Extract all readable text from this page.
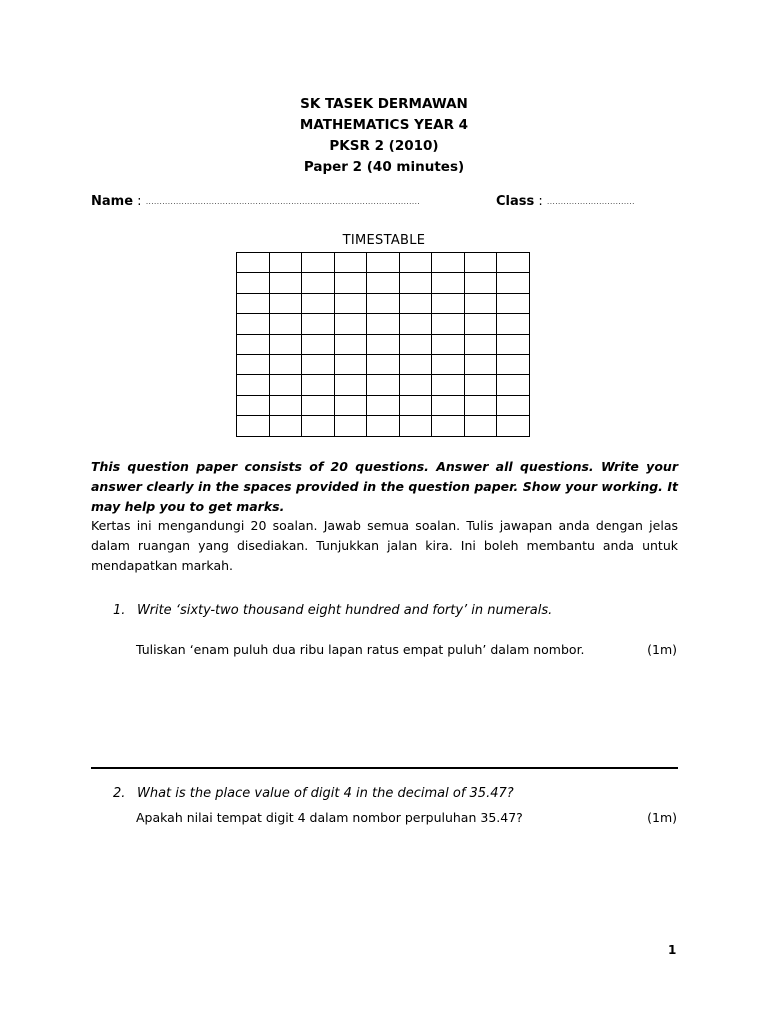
SK TASEK DERMAWAN
MATHEMATICS YEAR 4
PKSR 2 (2010)
Paper 2 (40 minutes)
Name : ....................................................................................................	Class : ................................
TIMESTABLE

This question paper consists of 20 questions. Answer all questions. Write your answer clearly in the spaces provided in the question paper. Show your working. It may help you to get marks.
Kertas ini mengandungi 20 soalan. Jawab semua soalan. Tulis jawapan anda dengan jelas dalam ruangan yang disediakan. Tunjukkan jalan kira. Ini boleh membantu anda untuk mendapatkan markah.
1. Write ‘sixty-two thousand eight hundred and forty’ in numerals.
Tuliskan ‘enam puluh dua ribu lapan ratus empat puluh’ dalam nombor.	(1m)
2. What is the place value of digit 4 in the decimal of 35.47?
Apakah nilai tempat digit 4 dalam nombor perpuluhan 35.47?	(1m)
1
